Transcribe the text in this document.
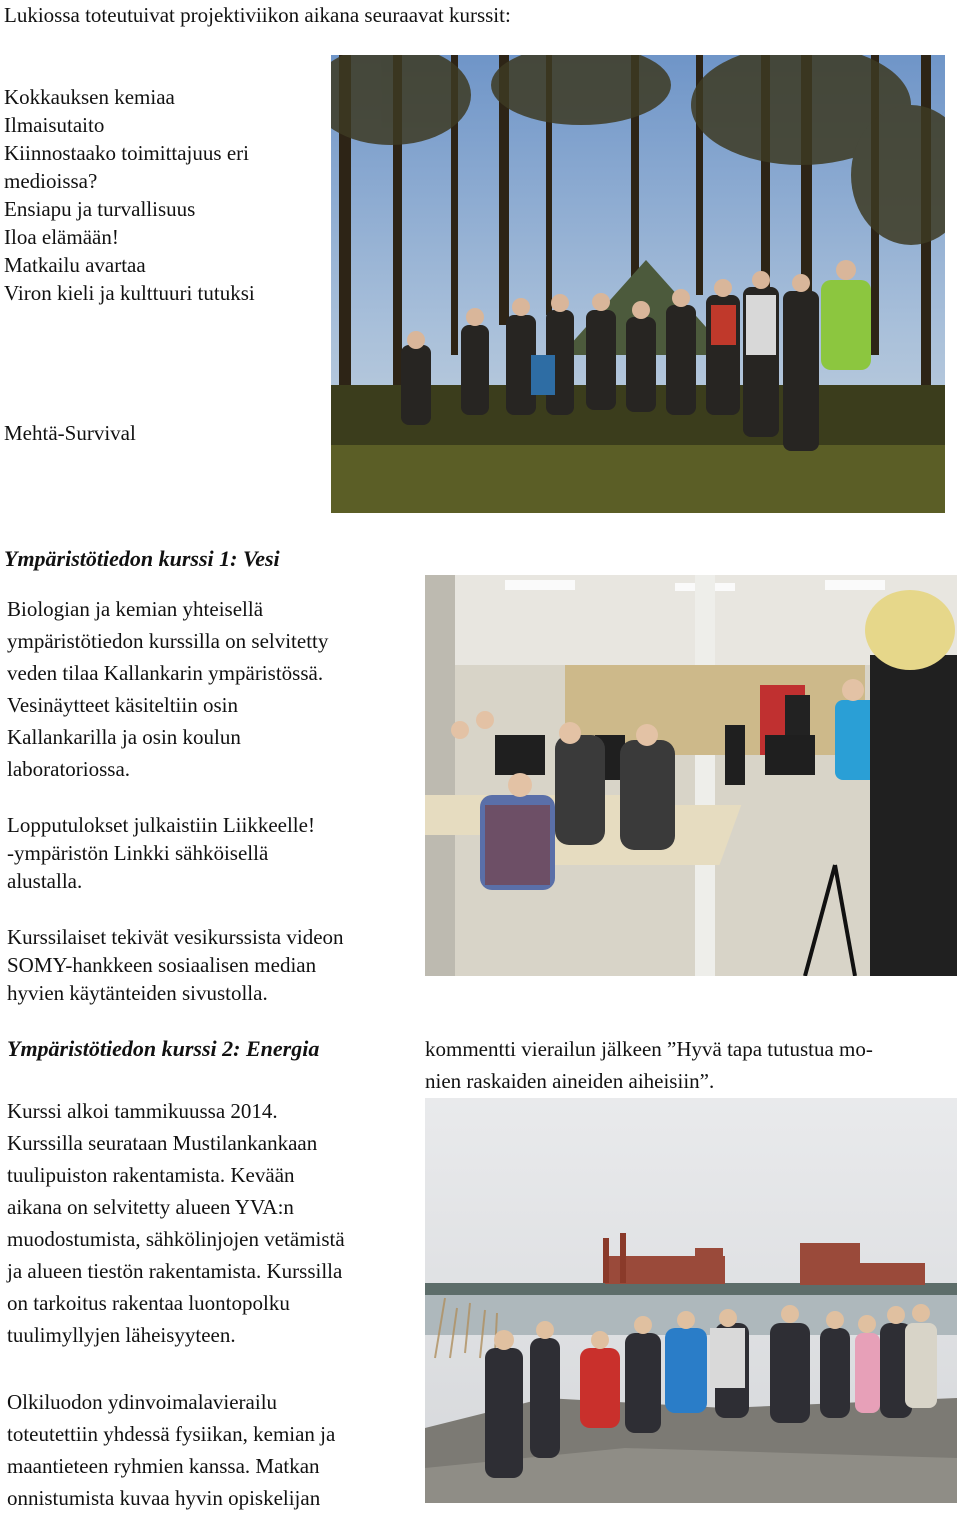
Lukiossa toteutuivat projektiviikon aikana seuraavat kurssit:

Kokkauksen kemiaa

Ilmaisutaito

Kiinnostaako toimittajuus eri

medioissa?

Ensiapu ja turvallisuus

Iloa elämään!

Matkailu avartaa

Viron kieli ja kulttuuri tutuksi

Mehtä-Survival

Ympäristötiedon kurssi 1: Vesi

Biologian ja kemian yhteisellä

ympäristötiedon kurssilla on selvitetty

veden tilaa Kallankarin ympäristössä.

Vesinäytteet käsiteltiin osin

Kallankarilla ja osin koulun

laboratoriossa.

Lopputulokset julkaistiin Liikkeelle!

-ympäristön Linkki sähköisellä

alustalla.

Kurssilaiset tekivät vesikurssista videon

SOMY-hankkeen sosiaalisen median

hyvien käytänteiden sivustolla.

Ympäristötiedon kurssi 2: Energia

Kurssi alkoi tammikuussa 2014.

Kurssilla seurataan Mustilankankaan

tuulipuiston rakentamista. Kevään

aikana on selvitetty alueen YVA:n

muodostumista, sähkölinjojen vetämistä

ja alueen tiestön rakentamista. Kurssilla

on tarkoitus rakentaa luontopolku

tuulimyllyjen läheisyyteen.

Olkiluodon ydinvoimalavierailu

toteutettiin yhdessä fysiikan, kemian ja

maantieteen ryhmien kanssa. Matkan

onnistumista kuvaa hyvin opiskelijan

kommentti vierailun jälkeen ”Hyvä tapa tutustua mo-

nien raskaiden aineiden aiheisiin”.
